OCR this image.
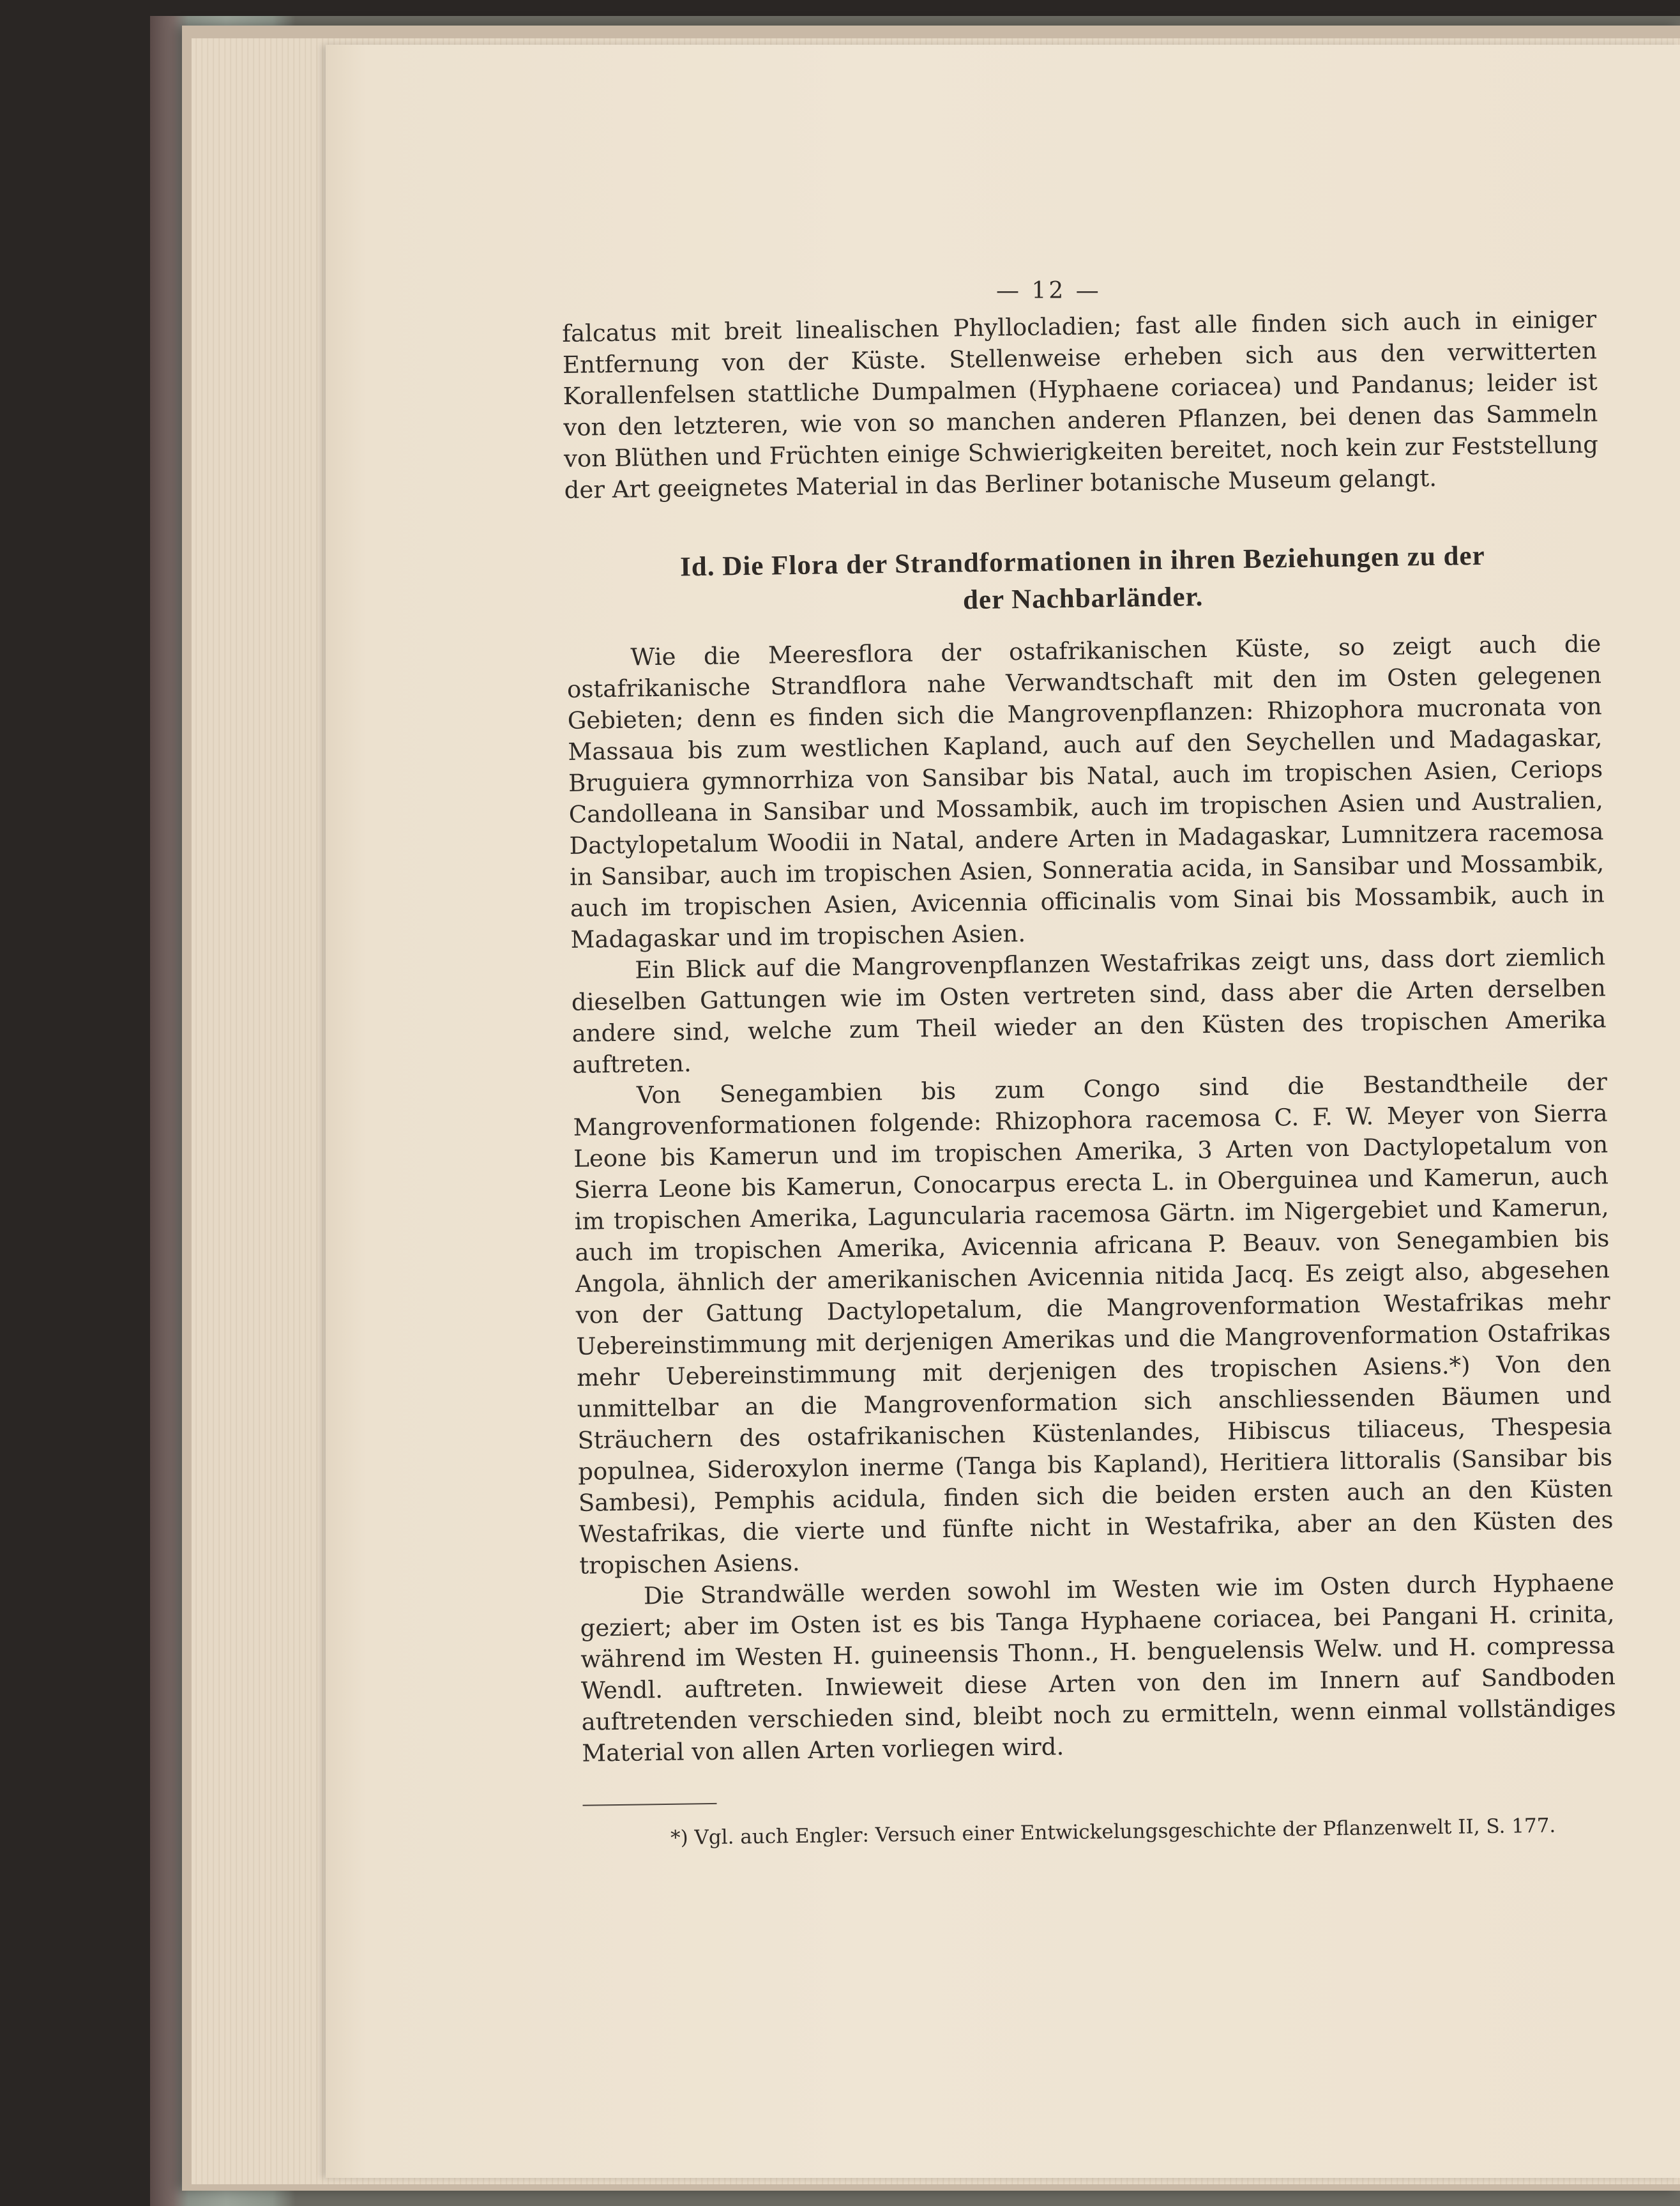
— 12 —

falcatus mit breit linealischen Phyllocladien; fast alle finden sich auch in einiger Entfernung von der Küste. Stellenweise erheben sich aus den verwitterten Korallenfelsen stattliche Dumpalmen (Hyphaene coriacea) und Pandanus; leider ist von den letzteren, wie von so manchen anderen Pflanzen, bei denen das Sammeln von Blüthen und Früchten einige Schwierigkeiten bereitet, noch kein zur Feststellung der Art geeignetes Material in das Berliner botanische Museum gelangt.

Id. Die Flora der Strandformationen in ihren Beziehungen zu der
der Nachbarländer.

Wie die Meeresflora der ostafrikanischen Küste, so zeigt auch die ostafrikanische Strandflora nahe Verwandtschaft mit den im Osten gelegenen Gebieten; denn es finden sich die Mangrovenpflanzen: Rhizophora mucronata von Massaua bis zum westlichen Kapland, auch auf den Seychellen und Madagaskar, Bruguiera gymnorrhiza von Sansibar bis Natal, auch im tropischen Asien, Ceriops Candolleana in Sansibar und Mossambik, auch im tropischen Asien und Australien, Dactylopetalum Woodii in Natal, andere Arten in Madagaskar, Lumnitzera racemosa in Sansibar, auch im tropischen Asien, Sonneratia acida, in Sansibar und Mossambik, auch im tropischen Asien, Avicennia officinalis vom Sinai bis Mossambik, auch in Madagaskar und im tropischen Asien.

Ein Blick auf die Mangrovenpflanzen Westafrikas zeigt uns, dass dort ziemlich dieselben Gattungen wie im Osten vertreten sind, dass aber die Arten derselben andere sind, welche zum Theil wieder an den Küsten des tropischen Amerika auftreten.

Von Senegambien bis zum Congo sind die Bestandtheile der Mangrovenformationen folgende: Rhizophora racemosa C. F. W. Meyer von Sierra Leone bis Kamerun und im tropischen Amerika, 3 Arten von Dactylopetalum von Sierra Leone bis Kamerun, Conocarpus erecta L. in Oberguinea und Kamerun, auch im tropischen Amerika, Laguncularia racemosa Gärtn. im Nigergebiet und Kamerun, auch im tropischen Amerika, Avicennia africana P. Beauv. von Senegambien bis Angola, ähnlich der amerikanischen Avicennia nitida Jacq. Es zeigt also, abgesehen von der Gattung Dactylopetalum, die Mangrovenformation Westafrikas mehr Uebereinstimmung mit derjenigen Amerikas und die Mangrovenformation Ostafrikas mehr Uebereinstimmung mit derjenigen des tropischen Asiens.*) Von den unmittelbar an die Mangrovenformation sich anschliessenden Bäumen und Sträuchern des ostafrikanischen Küstenlandes, Hibiscus tiliaceus, Thespesia populnea, Sideroxylon inerme (Tanga bis Kapland), Heritiera littoralis (Sansibar bis Sambesi), Pemphis acidula, finden sich die beiden ersten auch an den Küsten Westafrikas, die vierte und fünfte nicht in Westafrika, aber an den Küsten des tropischen Asiens.

Die Strandwälle werden sowohl im Westen wie im Osten durch Hyphaene geziert; aber im Osten ist es bis Tanga Hyphaene coriacea, bei Pangani H. crinita, während im Westen H. guineensis Thonn., H. benguelensis Welw. und H. compressa Wendl. auftreten. Inwieweit diese Arten von den im Innern auf Sandboden auftretenden verschieden sind, bleibt noch zu ermitteln, wenn einmal vollständiges Material von allen Arten vorliegen wird.

*) Vgl. auch Engler: Versuch einer Entwickelungsgeschichte der Pflanzenwelt II, S. 177.
